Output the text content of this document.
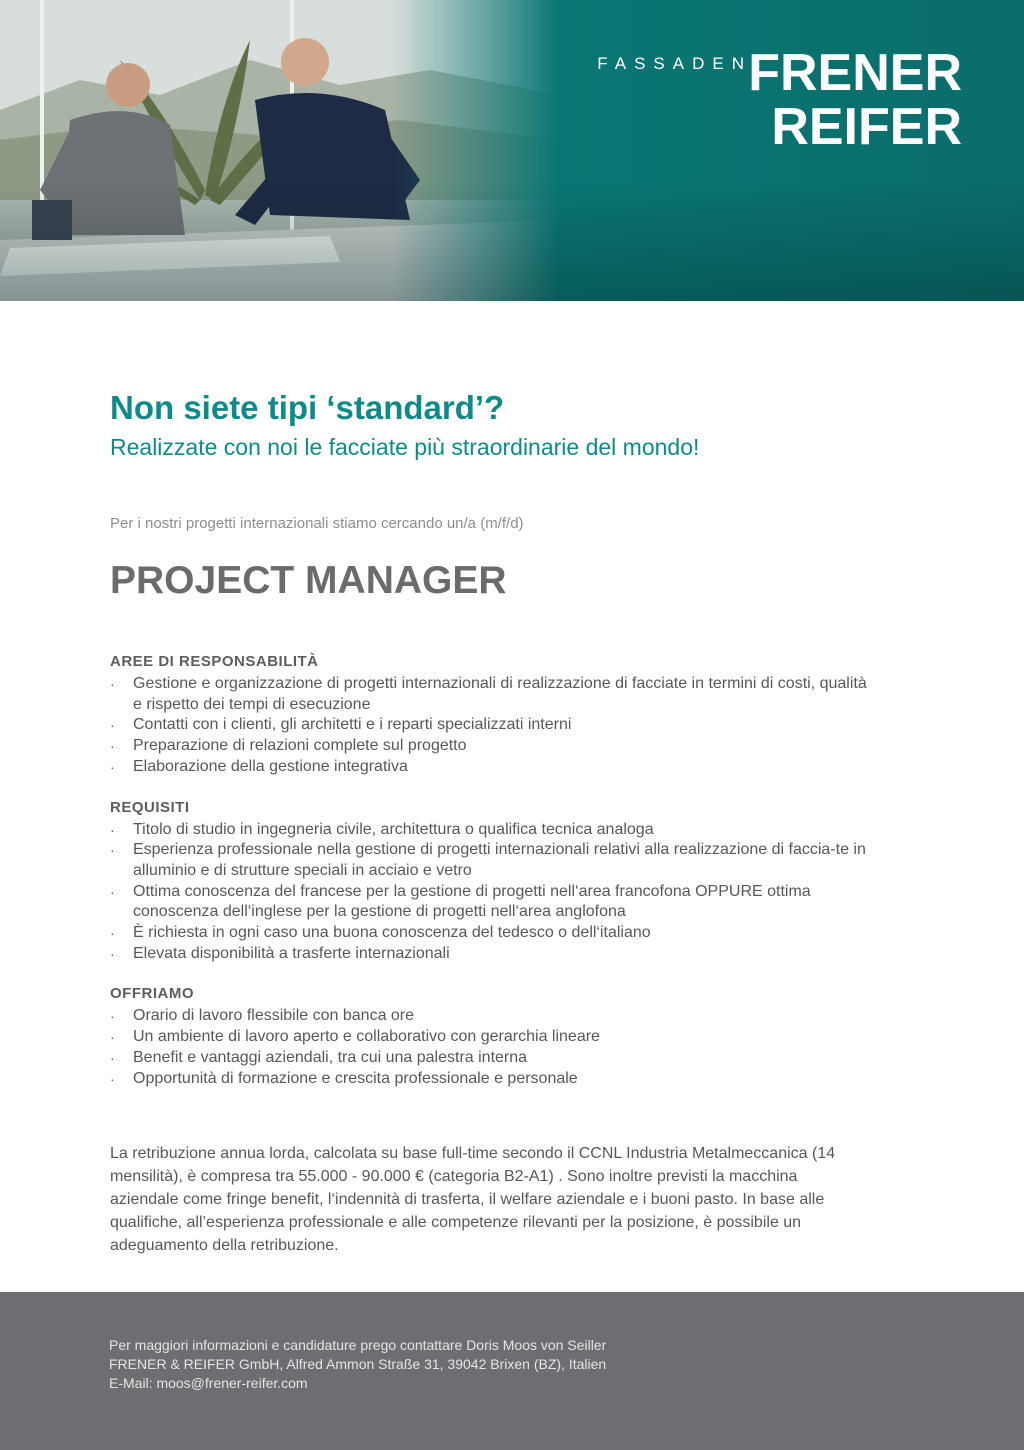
FASSADEN
FRENER
REIFER
Non siete tipi ‘standard’?

Realizzate con noi le facciate più straordinarie del mondo!

Per i nostri progetti internazionali stiamo cercando un/a (m/f/d)

PROJECT MANAGER
AREE DI RESPONSABILITÀ
· Gestione e organizzazione di progetti internazionali di realizzazione di facciate in termini di costi, qualità e rispetto dei tempi di esecuzione
· Contatti con i clienti, gli architetti e i reparti specializzati interni
· Preparazione di relazioni complete sul progetto
· Elaborazione della gestione integrativa
REQUISITI
· Titolo di studio in ingegneria civile, architettura o qualifica tecnica analoga
· Esperienza professionale nella gestione di progetti internazionali relativi alla realizzazione di faccia-te in alluminio e di strutture speciali in acciaio e vetro
· Ottima conoscenza del francese per la gestione di progetti nell‘area francofona OPPURE ottima conoscenza dell‘inglese per la gestione di progetti nell‘area anglofona
· È richiesta in ogni caso una buona conoscenza del tedesco o dell‘italiano
· Elevata disponibilità a trasferte internazionali
OFFRIAMO
· Orario di lavoro flessibile con banca ore
· Un ambiente di lavoro aperto e collaborativo con gerarchia lineare
· Benefit e vantaggi aziendali, tra cui una palestra interna
· Opportunità di formazione e crescita professionale e personale

La retribuzione annua lorda, calcolata su base full-time secondo il CCNL Industria Metalmeccanica (14 mensilità), è compresa tra 55.000 - 90.000 € (categoria B2-A1) . Sono inoltre previsti la macchina aziendale come fringe benefit, l‘indennità di trasferta, il welfare aziendale e i buoni pasto. In base alle qualifiche, all’esperienza professionale e alle competenze rilevanti per la posizione, è possibile un adeguamento della retribuzione.

Per maggiori informazioni e candidature prego contattare Doris Moos von Seiller
FRENER & REIFER GmbH, Alfred Ammon Straße 31, 39042 Brixen (BZ), Italien
E-Mail: moos@frener-reifer.com
